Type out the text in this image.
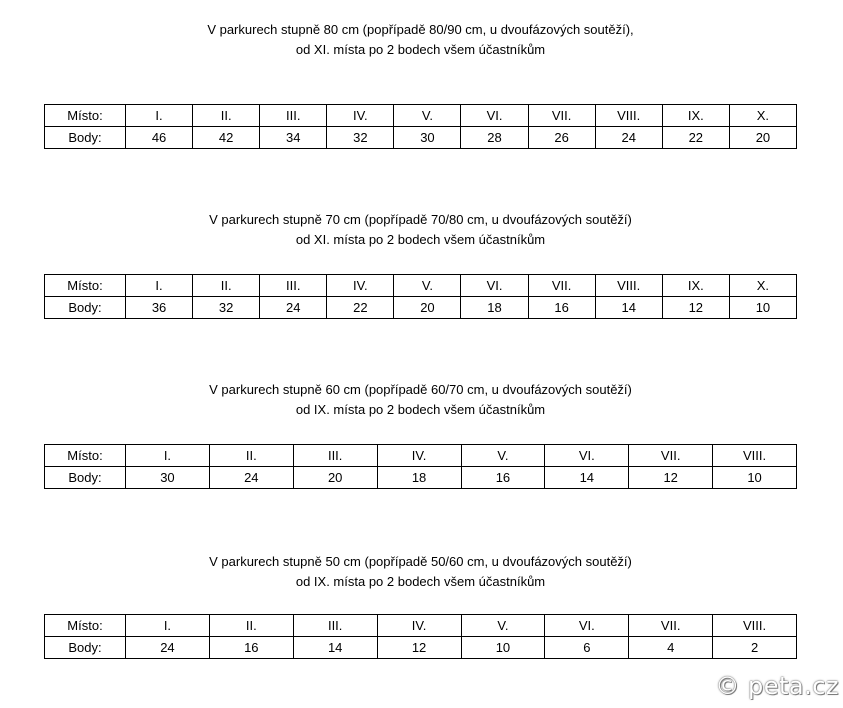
V parkurech stupně 80 cm (popřípadě 80/90 cm, u dvoufázových soutěží),
od XI. místa po 2 bodech všem účastníkům
Místo:	I.	II.	III.	IV.	V.	VI.	VII.	VIII.	IX.	X.
Body:	46	42	34	32	30	28	26	24	22	20
V parkurech stupně 70 cm (popřípadě 70/80 cm, u dvoufázových soutěží)
od XI. místa po 2 bodech všem účastníkům
Místo:	I.	II.	III.	IV.	V.	VI.	VII.	VIII.	IX.	X.
Body:	36	32	24	22	20	18	16	14	12	10
V parkurech stupně 60 cm (popřípadě 60/70 cm, u dvoufázových soutěží)
od IX. místa po 2 bodech všem účastníkům
Místo:	I.	II.	III.	IV.	V.	VI.	VII.	VIII.
Body:	30	24	20	18	16	14	12	10
V parkurech stupně 50 cm (popřípadě 50/60 cm, u dvoufázových soutěží)
od IX. místa po 2 bodech všem účastníkům
Místo:	I.	II.	III.	IV.	V.	VI.	VII.	VIII.
Body:	24	16	14	12	10	6	4	2
© peta.cz
